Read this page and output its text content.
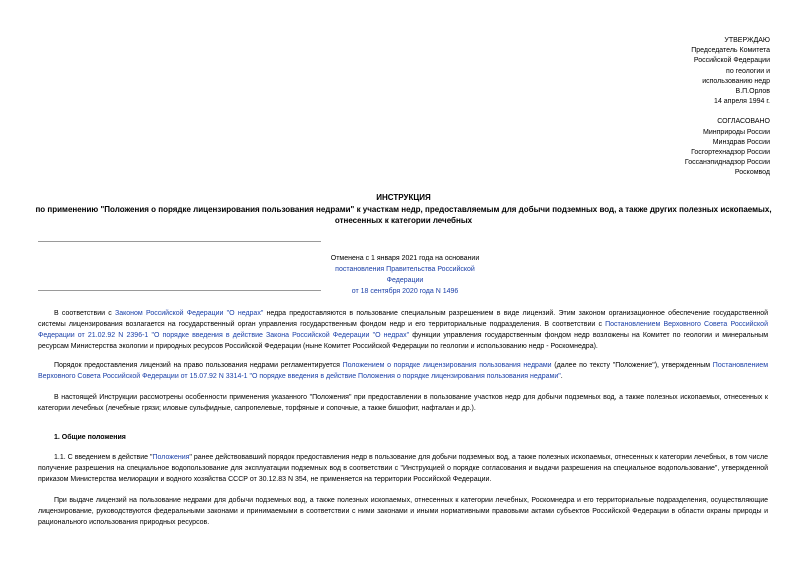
УТВЕРЖДАЮ
Председатель Комитета
Российской Федерации
по геологии и
использованию недр
В.П.Орлов
14 апреля 1994 г.
СОГЛАСОВАНО
Минприроды России
Минздрав России
Госгортехнадзор России
Госсанэпиднадзор России
Роскомвод
ИНСТРУКЦИЯ
по применению "Положения о порядке лицензирования пользования недрами" к участкам недр, предоставляемым для добычи подземных вод, а также других полезных ископаемых, отнесенных к категории лечебных
Отменена с 1 января 2021 года на основании
постановления Правительства Российской Федерации
от 18 сентября 2020 года N 1496
В соответствии с Законом Российской Федерации "О недрах" недра предоставляются в пользование специальным разрешением в виде лицензий. Этим законом организационное обеспечение государственной системы лицензирования возлагается на государственный орган управления государственным фондом недр и его территориальные подразделения. В соответствии с Постановлением Верховного Совета Российской Федерации от 21.02.92 N 2396-1 "О порядке введения в действие Закона Российской Федерации "О недрах" функции управления государственным фондом недр возложены на Комитет по геологии и минеральным ресурсам Министерства экологии и природных ресурсов Российской Федерации (ныне Комитет Российской Федерации по геологии и использованию недр - Роскомнедра).
Порядок предоставления лицензий на право пользования недрами регламентируется Положением о порядке лицензирования пользования недрами (далее по тексту "Положение"), утвержденным Постановлением Верховного Совета Российской Федерации от 15.07.92 N 3314-1 "О порядке введения в действие Положения о порядке лицензирования пользования недрами".
В настоящей Инструкции рассмотрены особенности применения указанного "Положения" при предоставлении в пользование участков недр для добычи подземных вод, а также полезных ископаемых, отнесенных к категории лечебных (лечебные грязи; иловые сульфидные, сапропелевые, торфяные и сопочные, а также бишофит, нафталан и др.).
1. Общие положения
1.1. С введением в действие "Положения" ранее действовавший порядок предоставления недр в пользование для добычи подземных вод, а также полезных ископаемых, отнесенных к категории лечебных, в том числе получение разрешения на специальное водопользование для эксплуатации подземных вод в соответствии с "Инструкцией о порядке согласования и выдачи разрешения на специальное водопользование", утвержденной приказом Министерства мелиорации и водного хозяйства СССР от 30.12.83 N 354, не применяется на территории Российской Федерации.
При выдаче лицензий на пользование недрами для добычи подземных вод, а также полезных ископаемых, отнесенных к категории лечебных, Роскомнедра и его территориальные подразделения, осуществляющие лицензирование, руководствуются федеральными законами и принимаемыми в соответствии с ними законами и иными нормативными правовыми актами субъектов Российской Федерации в области охраны природы и рационального использования природных ресурсов.
